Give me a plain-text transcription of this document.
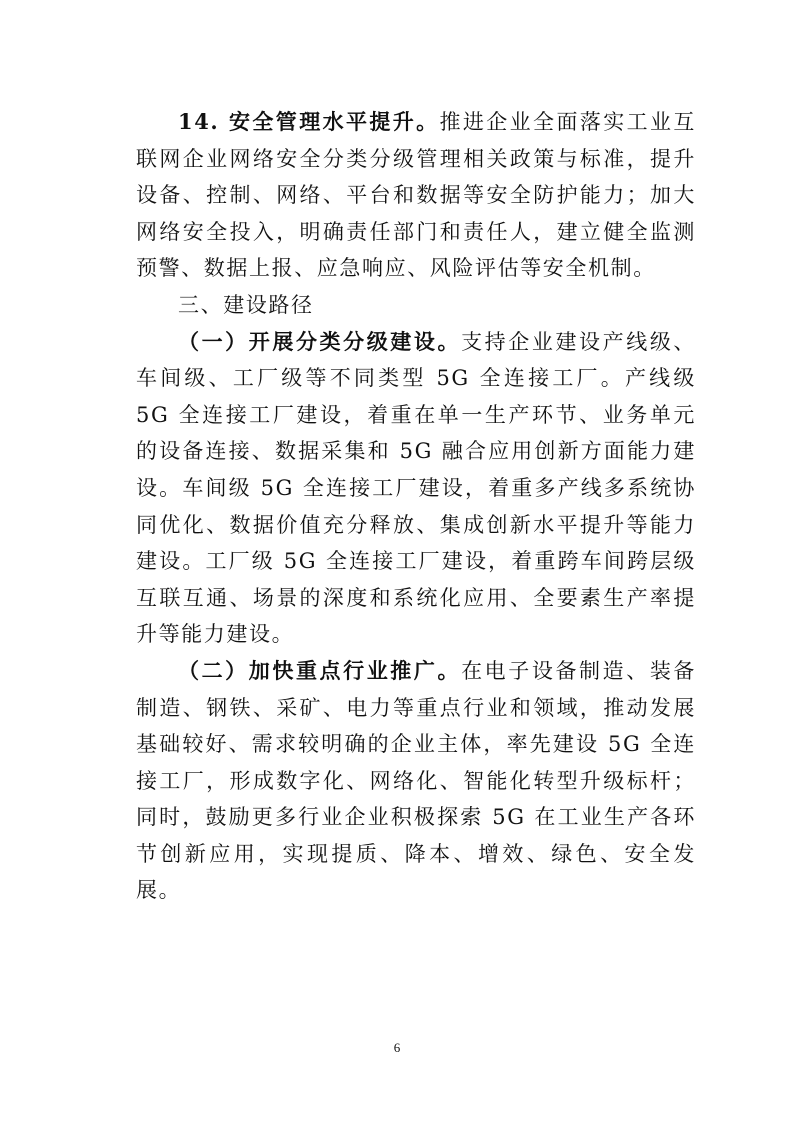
14. 安全管理水平提升。推进企业全面落实工业互联网企业网络安全分类分级管理相关政策与标准，提升设备、控制、网络、平台和数据等安全防护能力；加大网络安全投入，明确责任部门和责任人，建立健全监测预警、数据上报、应急响应、风险评估等安全机制。

三、建设路径

（一）开展分类分级建设。支持企业建设产线级、车间级、工厂级等不同类型 5G 全连接工厂。产线级 5G 全连接工厂建设，着重在单一生产环节、业务单元的设备连接、数据采集和 5G 融合应用创新方面能力建设。车间级 5G 全连接工厂建设，着重多产线多系统协同优化、数据价值充分释放、集成创新水平提升等能力建设。工厂级 5G 全连接工厂建设，着重跨车间跨层级互联互通、场景的深度和系统化应用、全要素生产率提升等能力建设。

（二）加快重点行业推广。在电子设备制造、装备制造、钢铁、采矿、电力等重点行业和领域，推动发展基础较好、需求较明确的企业主体，率先建设 5G 全连接工厂，形成数字化、网络化、智能化转型升级标杆；同时，鼓励更多行业企业积极探索 5G 在工业生产各环节创新应用，实现提质、降本、增效、绿色、安全发展。

6
